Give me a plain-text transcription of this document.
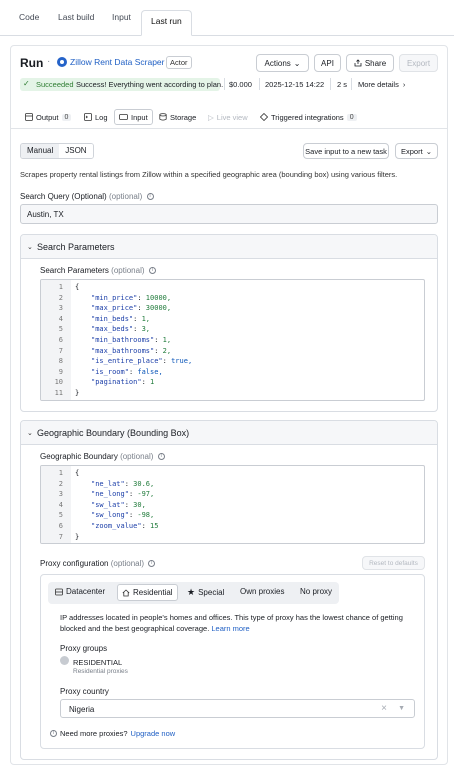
Code Last build Input	Last run
Run · Zillow Rent Data Scraper Actor	Actions ⌄	API	Share	Export
✓ Succeeded Success! Everything went according to plan. $0.000 2025-12-15 14:22 2 s More details ›
Output 0	Log	Input	Storage ▷ Live view	Triggered integrations 0
Manual	JSON	Save input to a new task Export ⌄
Scrapes property rental listings from Zillow within a specified geographic area (bounding box) using various filters.
Search Query (Optional) (optional) i
Austin, TX
⌄ Search Parameters
Search Parameters (optional) i
1 {
2	"min_price": 10000,
3	"max_price": 30000,
4	"min_beds": 1,
5	"max_beds": 3,
6	"min_bathrooms": 1,
7	"max_bathrooms": 2,
8	"is_entire_place": true,
9	"is_room": false,
10	"pagination": 1
11 }
⌄ Geographic Boundary (Bounding Box)
Geographic Boundary (optional) i
1 {
2	"ne_lat": 30.6,
3	"ne_long": -97,
4	"sw_lat": 30,
5	"sw_long": -98,
6	"zoom_value": 15
7 }
Proxy configuration (optional) i	Reset to defaults
Datacenter	Residential ★ Special Own proxies No proxy
IP addresses located in people's homes and offices. This type of proxy has the lowest chance of getting blocked and the best geographical coverage. Learn more
Proxy groups
RESIDENTIAL
Residential proxies
Proxy country
Nigeria	× ▼
i Need more proxies? Upgrade now
